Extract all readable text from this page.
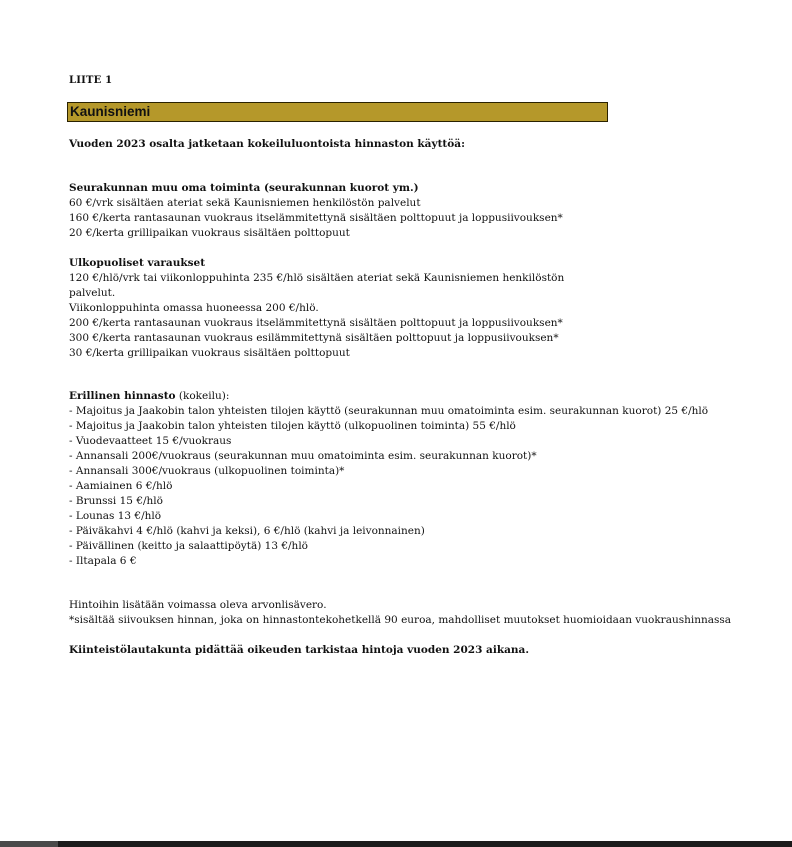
LIITE 1
Kaunisniemi
Vuoden 2023 osalta jatketaan kokeiluluontoista hinnaston käyttöä:
Seurakunnan muu oma toiminta (seurakunnan kuorot ym.)
60 €/vrk sisältäen ateriat sekä Kaunisniemen henkilöstön palvelut
160 €/kerta rantasaunan vuokraus itselämmitettynä sisältäen polttopuut ja loppusiivouksen*
20 €/kerta grillipaikan vuokraus sisältäen polttopuut
Ulkopuoliset varaukset
120 €/hlö/vrk tai viikonloppuhinta 235 €/hlö sisältäen ateriat sekä Kaunisniemen henkilöstön
palvelut.
Viikonloppuhinta omassa huoneessa 200 €/hlö.
200 €/kerta rantasaunan vuokraus itselämmitettynä sisältäen polttopuut ja loppusiivouksen*
300 €/kerta rantasaunan vuokraus esilämmitettynä sisältäen polttopuut ja loppusiivouksen*
30 €/kerta grillipaikan vuokraus sisältäen polttopuut
Erillinen hinnasto (kokeilu):
- Majoitus ja Jaakobin talon yhteisten tilojen käyttö (seurakunnan muu omatoiminta esim. seurakunnan kuorot) 25 €/hlö
- Majoitus ja Jaakobin talon yhteisten tilojen käyttö (ulkopuolinen toiminta) 55 €/hlö
- Vuodevaatteet 15 €/vuokraus
- Annansali 200€/vuokraus (seurakunnan muu omatoiminta esim. seurakunnan kuorot)*
- Annansali 300€/vuokraus (ulkopuolinen toiminta)*
- Aamiainen 6 €/hlö
- Brunssi 15 €/hlö
- Lounas 13 €/hlö
- Päiväkahvi 4 €/hlö (kahvi ja keksi), 6 €/hlö (kahvi ja leivonnainen)
- Päivällinen (keitto ja salaattipöytä) 13 €/hlö
- Iltapala 6 €
Hintoihin lisätään voimassa oleva arvonlisävero.
*sisältää siivouksen hinnan, joka on hinnastontekohetkellä 90 euroa, mahdolliset muutokset huomioidaan vuokraushinnassa
Kiinteistölautakunta pidättää oikeuden tarkistaa hintoja vuoden 2023 aikana.
